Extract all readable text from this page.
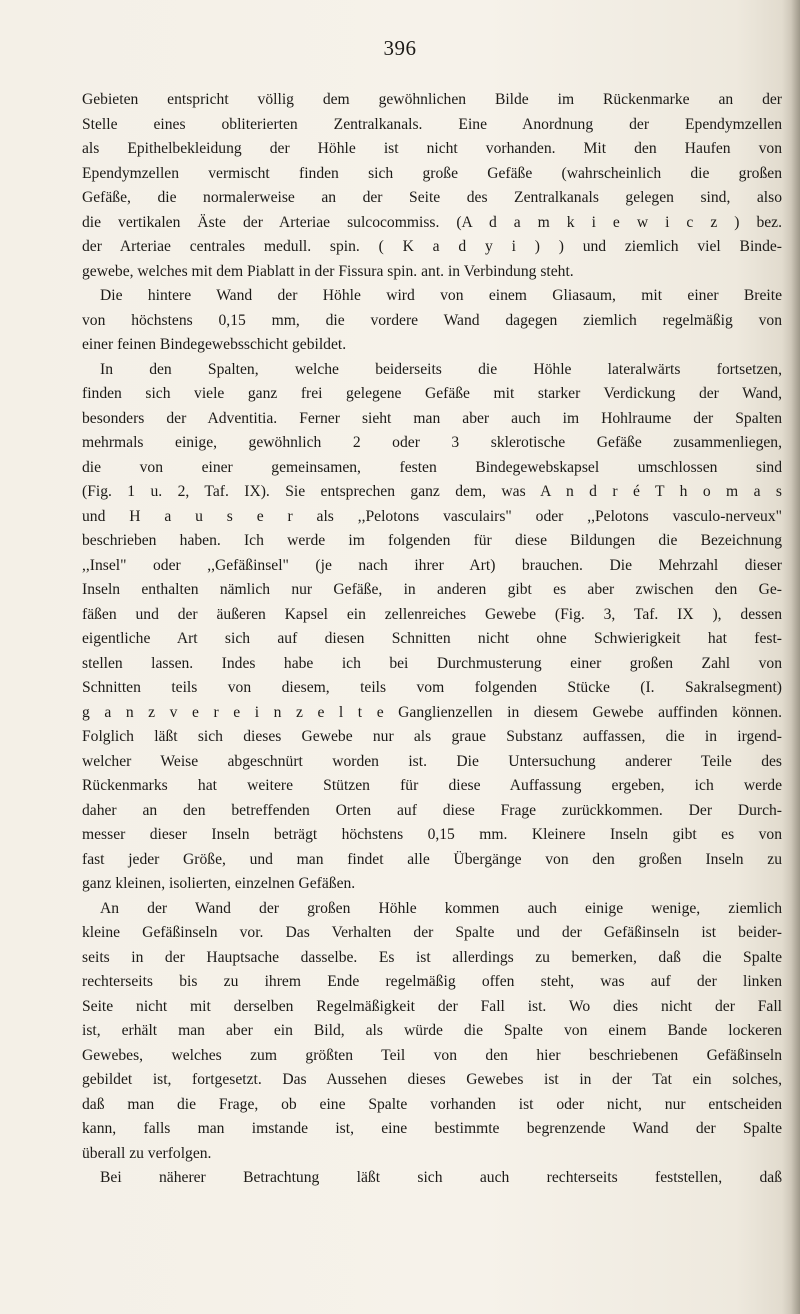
396
Gebieten entspricht völlig dem gewöhnlichen Bilde im Rückenmarke an der
Stelle eines obliterierten Zentralkanals. Eine Anordnung der Ependymzellen
als Epithelbekleidung der Höhle ist nicht vorhanden. Mit den Haufen von
Ependymzellen vermischt finden sich große Gefäße (wahrscheinlich die großen
Gefäße, die normalerweise an der Seite des Zentralkanals gelegen sind, also
die vertikalen Äste der Arteriae sulcocommiss. (A d a m k i e w i c z ) bez.
der Arteriae centrales medull. spin. ( K a d y i ) ) und ziemlich viel Binde-
gewebe, welches mit dem Piablatt in der Fissura spin. ant. in Verbindung steht.
Die hintere Wand der Höhle wird von einem Gliasaum, mit einer Breite
von höchstens 0,15 mm, die vordere Wand dagegen ziemlich regelmäßig von
einer feinen Bindegewebsschicht gebildet.
In den Spalten, welche beiderseits die Höhle lateralwärts fortsetzen,
finden sich viele ganz frei gelegene Gefäße mit starker Verdickung der Wand,
besonders der Adventitia. Ferner sieht man aber auch im Hohlraume der Spalten
mehrmals einige, gewöhnlich 2 oder 3 sklerotische Gefäße zusammenliegen,
die von einer gemeinsamen, festen Bindegewebskapsel umschlossen sind
(Fig. 1 u. 2, Taf. IX). Sie entsprechen ganz dem, was A n d r é T h o m a s
und H a u s e r als ,,Pelotons vasculairs" oder ,,Pelotons vasculo-nerveux"
beschrieben haben. Ich werde im folgenden für diese Bildungen die Bezeichnung
,,Insel" oder ,,Gefäßinsel" (je nach ihrer Art) brauchen. Die Mehrzahl dieser
Inseln enthalten nämlich nur Gefäße, in anderen gibt es aber zwischen den Ge-
fäßen und der äußeren Kapsel ein zellenreiches Gewebe (Fig. 3, Taf. IX ), dessen
eigentliche Art sich auf diesen Schnitten nicht ohne Schwierigkeit hat fest-
stellen lassen. Indes habe ich bei Durchmusterung einer großen Zahl von
Schnitten teils von diesem, teils vom folgenden Stücke (I. Sakralsegment)
g a n z v e r e i n z e l t e Ganglienzellen in diesem Gewebe auffinden können.
Folglich läßt sich dieses Gewebe nur als graue Substanz auffassen, die in irgend-
welcher Weise abgeschnürt worden ist. Die Untersuchung anderer Teile des
Rückenmarks hat weitere Stützen für diese Auffassung ergeben, ich werde
daher an den betreffenden Orten auf diese Frage zurückkommen. Der Durch-
messer dieser Inseln beträgt höchstens 0,15 mm. Kleinere Inseln gibt es von
fast jeder Größe, und man findet alle Übergänge von den großen Inseln zu
ganz kleinen, isolierten, einzelnen Gefäßen.
An der Wand der großen Höhle kommen auch einige wenige, ziemlich
kleine Gefäßinseln vor. Das Verhalten der Spalte und der Gefäßinseln ist beider-
seits in der Hauptsache dasselbe. Es ist allerdings zu bemerken, daß die Spalte
rechterseits bis zu ihrem Ende regelmäßig offen steht, was auf der linken
Seite nicht mit derselben Regelmäßigkeit der Fall ist. Wo dies nicht der Fall
ist, erhält man aber ein Bild, als würde die Spalte von einem Bande lockeren
Gewebes, welches zum größten Teil von den hier beschriebenen Gefäßinseln
gebildet ist, fortgesetzt. Das Aussehen dieses Gewebes ist in der Tat ein solches,
daß man die Frage, ob eine Spalte vorhanden ist oder nicht, nur entscheiden
kann, falls man imstande ist, eine bestimmte begrenzende Wand der Spalte
überall zu verfolgen.
Bei näherer Betrachtung läßt sich auch rechterseits feststellen, daß
